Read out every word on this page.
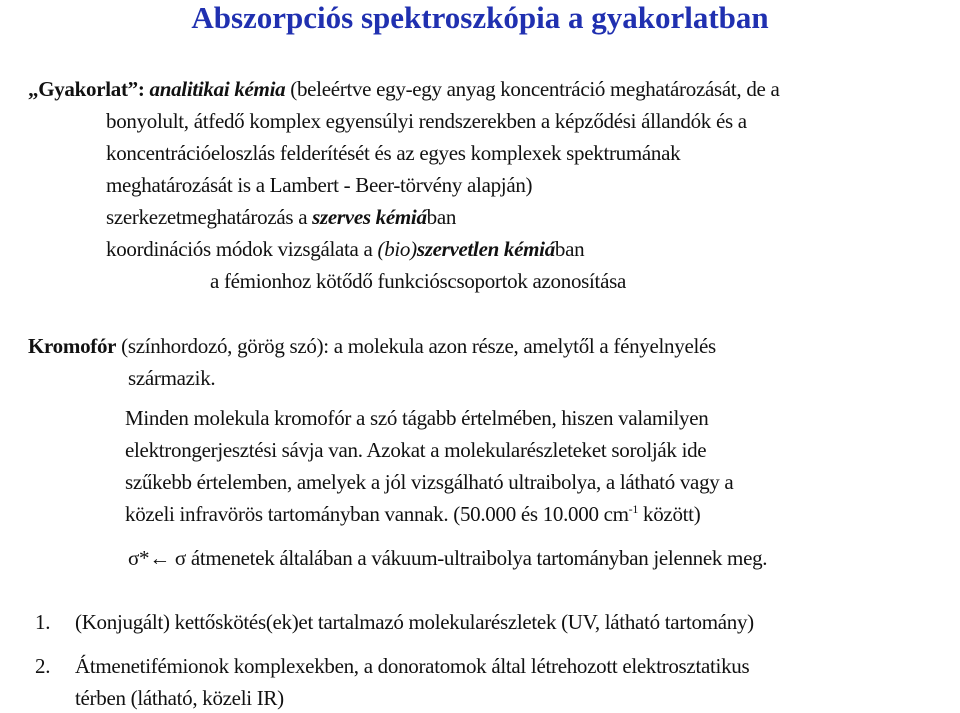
Abszorpciós spektroszkópia a gyakorlatban
„Gyakorlat”: analitikai kémia (beleértve egy-egy anyag koncentráció meghatározását, de a
bonyolult, átfedő komplex egyensúlyi rendszerekben a képződési állandók és a
koncentrációeloszlás felderítését és az egyes komplexek spektrumának
meghatározását is a Lambert - Beer-törvény alapján)
szerkezetmeghatározás a szerves kémiában
koordinációs módok vizsgálata a (bio)szervetlen kémiában
a fémionhoz kötődő funkcióscsoportok azonosítása
Kromofór (színhordozó, görög szó): a molekula azon része, amelytől a fényelnyelés
származik.
Minden molekula kromofór a szó tágabb értelmében, hiszen valamilyen
elektrongerjesztési sávja van. Azokat a molekularészleteket sorolják ide
szűkebb értelemben, amelyek a jól vizsgálható ultraibolya, a látható vagy a
közeli infravörös tartományban vannak. (50.000 és 10.000 $cm^{-1}$ között)
σ*← σ átmenetek általában a vákuum-ultraibolya tartományban jelennek meg.
1. (Konjugált) kettőskötés(ek)et tartalmazó molekularészletek (UV, látható tartomány)
2. Átmenetifémionok komplexekben, a donoratomok által létrehozott elektrosztatikus
térben (látható, közeli IR)
